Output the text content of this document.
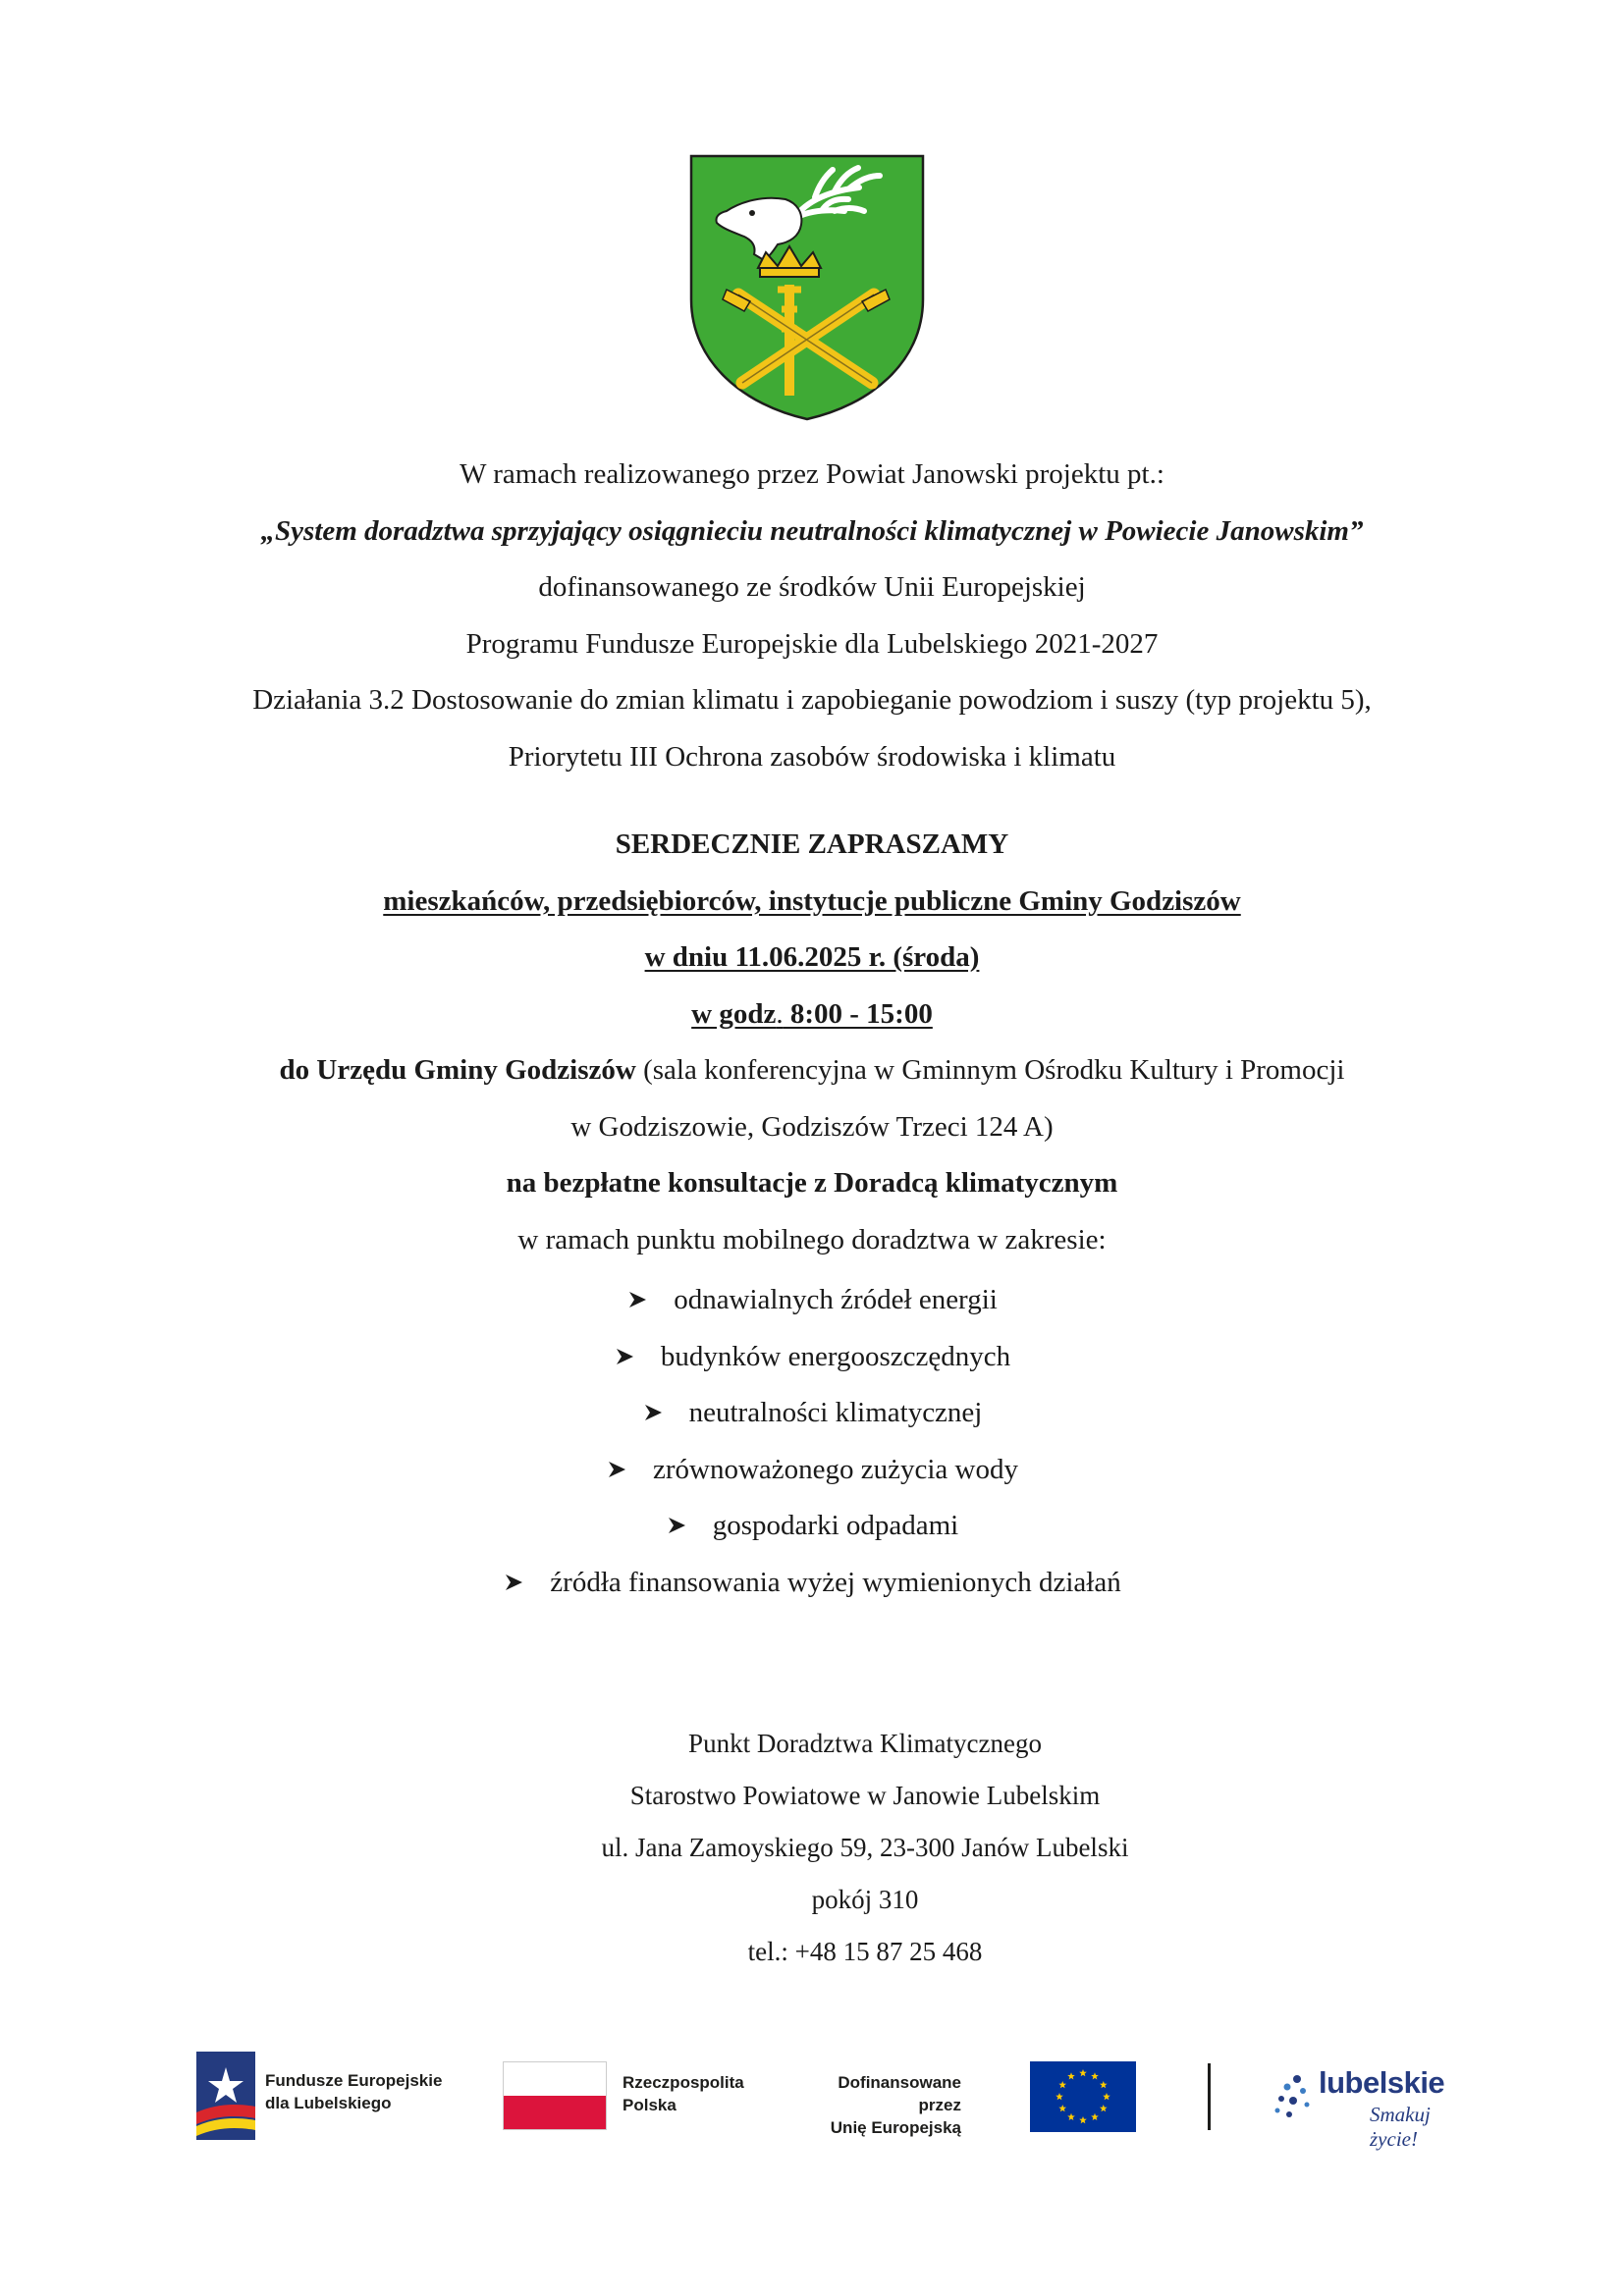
W ramach realizowanego przez Powiat Janowski projektu pt.:
„System doradztwa sprzyjający osiągnieciu neutralności klimatycznej w Powiecie Janowskim”
dofinansowanego ze środków Unii Europejskiej
Programu Fundusze Europejskie dla Lubelskiego 2021-2027
Działania 3.2 Dostosowanie do zmian klimatu i zapobieganie powodziom i suszy (typ projektu 5),
Priorytetu III Ochrona zasobów środowiska i klimatu
SERDECZNIE ZAPRASZAMY
mieszkańców, przedsiębiorców, instytucje publiczne Gminy Godziszów
w dniu 11.06.2025 r. (środa)
w godz. 8:00 - 15:00
do Urzędu Gminy Godziszów (sala konferencyjna w Gminnym Ośrodku Kultury i Promocji
w Godziszowie, Godziszów Trzeci 124 A)
na bezpłatne konsultacje z Doradcą klimatycznym
w ramach punktu mobilnego doradztwa w zakresie:
odnawialnych źródeł energii
budynków energooszczędnych
neutralności klimatycznej
zrównoważonego zużycia wody
gospodarki odpadami
źródła finansowania wyżej wymienionych działań
Punkt Doradztwa Klimatycznego
Starostwo Powiatowe w Janowie Lubelskim
ul. Jana Zamoyskiego 59, 23-300 Janów Lubelski
pokój 310
tel.: +48 15 87 25 468
Fundusze Europejskie
dla Lubelskiego
Rzeczpospolita
Polska
Dofinansowane przez
Unię Europejską
lubelskie
Smakuj życie!
